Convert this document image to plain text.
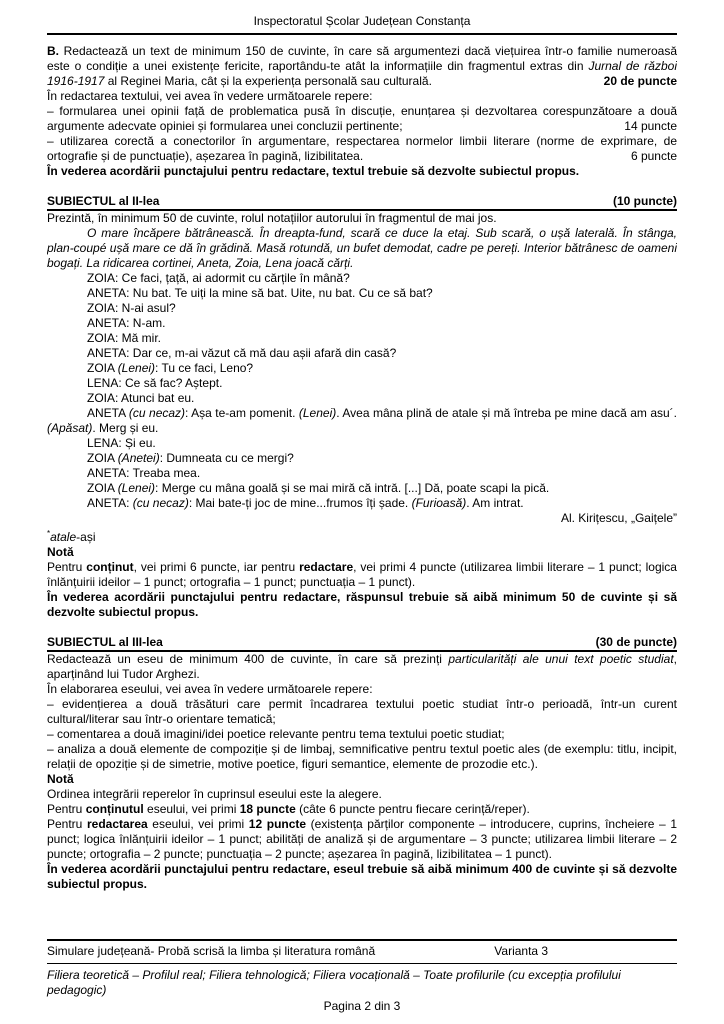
Inspectoratul Școlar Județean Constanța
B. Redactează un text de minimum 150 de cuvinte, în care să argumentezi dacă viețuirea într-o familie numeroasă este o condiție a unei existențe fericite, raportându-te atât la informațiile din fragmentul extras din Jurnal de război 1916-1917 al Reginei Maria, cât și la experiența personală sau culturală.	20 de puncte
În redactarea textului, vei avea în vedere următoarele repere:
– formularea unei opinii față de problematica pusă în discuție, enunțarea și dezvoltarea corespunzătoare a două argumente adecvate opiniei și formularea unei concluzii pertinente;	14 puncte
– utilizarea corectă a conectorilor în argumentare, respectarea normelor limbii literare (norme de exprimare, de ortografie și de punctuație), așezarea în pagină, lizibilitatea.	6 puncte
În vederea acordării punctajului pentru redactare, textul trebuie să dezvolte subiectul propus.
SUBIECTUL al II-lea	(10 puncte)
Prezintă, în minimum 50 de cuvinte, rolul notațiilor autorului în fragmentul de mai jos.
O mare încăpere bătrânească. În dreapta-fund, scară ce duce la etaj. Sub scară, o ușă laterală. În stânga, plan-coupé ușă mare ce dă în grădină. Masă rotundă, un bufet demodat, cadre pe pereți. Interior bătrânesc de oameni bogați. La ridicarea cortinei, Aneta, Zoia, Lena joacă cărți.
ZOIA: Ce faci, țață, ai adormit cu cărțile în mână?
ANETA: Nu bat. Te uiți la mine să bat. Uite, nu bat. Cu ce să bat?
ZOIA: N-ai asul?
ANETA: N-am.
ZOIA: Mă mir.
ANETA: Dar ce, m-ai văzut că mă dau așii afară din casă?
ZOIA (Lenei): Tu ce faci, Leno?
LENA: Ce să fac? Aștept.
ZOIA: Atunci bat eu.
ANETA (cu necaz): Așa te-am pomenit. (Lenei). Avea mâna plină de atale și mă întreba pe mine dacă am asu´. (Apăsat). Merg și eu.
LENA: Și eu.
ZOIA (Anetei): Dumneata cu ce mergi?
ANETA: Treaba mea.
ZOIA (Lenei): Merge cu mâna goală și se mai miră că intră. [...] Dă, poate scapi la pică.
ANETA: (cu necaz): Mai bate-ți joc de mine...frumos îți șade. (Furioasă). Am intrat.
Al. Kirițescu, „Gaițele”
*atale-ași
Notă
Pentru conținut, vei primi 6 puncte, iar pentru redactare, vei primi 4 puncte (utilizarea limbii literare – 1 punct; logica înlănțuirii ideilor – 1 punct; ortografia – 1 punct; punctuația – 1 punct).
În vederea acordării punctajului pentru redactare, răspunsul trebuie să aibă minimum 50 de cuvinte și să dezvolte subiectul propus.
SUBIECTUL al III-lea	(30 de puncte)
Redactează un eseu de minimum 400 de cuvinte, în care să prezinți particularități ale unui text poetic studiat, aparținând lui Tudor Arghezi.
În elaborarea eseului, vei avea în vedere următoarele repere:
– evidențierea a două trăsături care permit încadrarea textului poetic studiat într-o perioadă, într-un curent cultural/literar sau într-o orientare tematică;
– comentarea a două imagini/idei poetice relevante pentru tema textului poetic studiat;
– analiza a două elemente de compoziție și de limbaj, semnificative pentru textul poetic ales (de exemplu: titlu, incipit, relații de opoziție și de simetrie, motive poetice, figuri semantice, elemente de prozodie etc.).
Notă
Ordinea integrării reperelor în cuprinsul eseului este la alegere.
Pentru conținutul eseului, vei primi 18 puncte (câte 6 puncte pentru fiecare cerință/reper).
Pentru redactarea eseului, vei primi 12 puncte (existența părților componente – introducere, cuprins, încheiere – 1 punct; logica înlănțuirii ideilor – 1 punct; abilități de analiză și de argumentare – 3 puncte; utilizarea limbii literare – 2 puncte; ortografia – 2 puncte; punctuația – 2 puncte; așezarea în pagină, lizibilitatea – 1 punct).
În vederea acordării punctajului pentru redactare, eseul trebuie să aibă minimum 400 de cuvinte și să dezvolte subiectul propus.
Simulare județeană- Probă scrisă la limba și literatura română	Varianta 3
Filiera teoretică – Profilul real; Filiera tehnologică; Filiera vocațională – Toate profilurile (cu excepția profilului pedagogic)
Pagina 2 din 3
